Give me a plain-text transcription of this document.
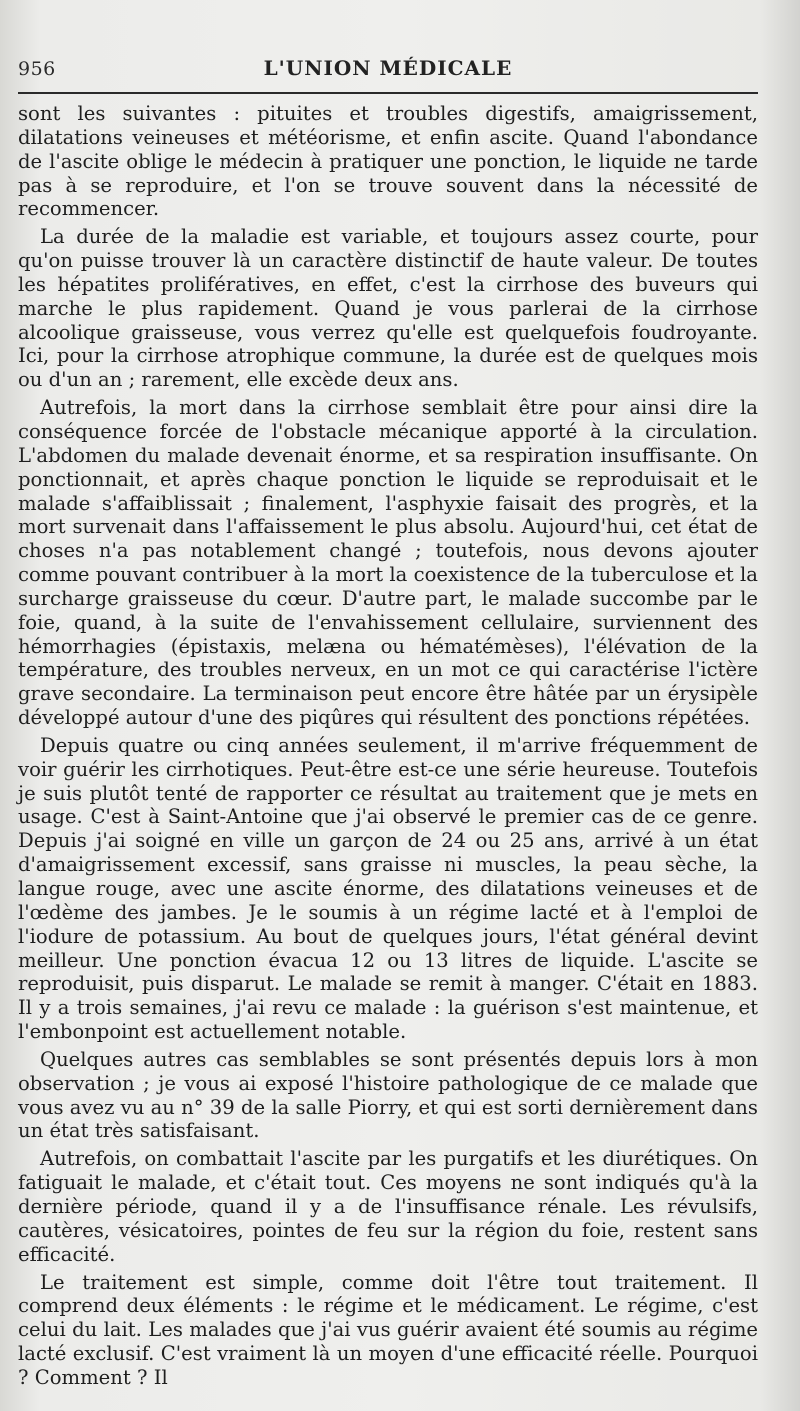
956	L'UNION MÉDICALE

sont les suivantes : pituites et troubles digestifs, amaigrissement, dilatations veineuses et météorisme, et enfin ascite. Quand l'abondance de l'ascite oblige le médecin à pratiquer une ponction, le liquide ne tarde pas à se reproduire, et l'on se trouve souvent dans la nécessité de recommencer.

La durée de la maladie est variable, et toujours assez courte, pour qu'on puisse trouver là un caractère distinctif de haute valeur. De toutes les hépatites prolifératives, en effet, c'est la cirrhose des buveurs qui marche le plus rapidement. Quand je vous parlerai de la cirrhose alcoolique graisseuse, vous verrez qu'elle est quelquefois foudroyante. Ici, pour la cirrhose atrophique commune, la durée est de quelques mois ou d'un an ; rarement, elle excède deux ans.

Autrefois, la mort dans la cirrhose semblait être pour ainsi dire la conséquence forcée de l'obstacle mécanique apporté à la circulation. L'abdomen du malade devenait énorme, et sa respiration insuffisante. On ponctionnait, et après chaque ponction le liquide se reproduisait et le malade s'affaiblissait ; finalement, l'asphyxie faisait des progrès, et la mort survenait dans l'affaissement le plus absolu. Aujourd'hui, cet état de choses n'a pas notablement changé ; toutefois, nous devons ajouter comme pouvant contribuer à la mort la coexistence de la tuberculose et la surcharge graisseuse du cœur. D'autre part, le malade succombe par le foie, quand, à la suite de l'envahissement cellulaire, surviennent des hémorrhagies (épistaxis, melæna ou hématémèses), l'élévation de la température, des troubles nerveux, en un mot ce qui caractérise l'ictère grave secondaire. La terminaison peut encore être hâtée par un érysipèle développé autour d'une des piqûres qui résultent des ponctions répétées.

Depuis quatre ou cinq années seulement, il m'arrive fréquemment de voir guérir les cirrhotiques. Peut-être est-ce une série heureuse. Toutefois je suis plutôt tenté de rapporter ce résultat au traitement que je mets en usage. C'est à Saint-Antoine que j'ai observé le premier cas de ce genre. Depuis j'ai soigné en ville un garçon de 24 ou 25 ans, arrivé à un état d'amaigrissement excessif, sans graisse ni muscles, la peau sèche, la langue rouge, avec une ascite énorme, des dilatations veineuses et de l'œdème des jambes. Je le soumis à un régime lacté et à l'emploi de l'iodure de potassium. Au bout de quelques jours, l'état général devint meilleur. Une ponction évacua 12 ou 13 litres de liquide. L'ascite se reproduisit, puis disparut. Le malade se remit à manger. C'était en 1883. Il y a trois semaines, j'ai revu ce malade : la guérison s'est maintenue, et l'embonpoint est actuellement notable.

Quelques autres cas semblables se sont présentés depuis lors à mon observation ; je vous ai exposé l'histoire pathologique de ce malade que vous avez vu au n° 39 de la salle Piorry, et qui est sorti dernièrement dans un état très satisfaisant.

Autrefois, on combattait l'ascite par les purgatifs et les diurétiques. On fatiguait le malade, et c'était tout. Ces moyens ne sont indiqués qu'à la dernière période, quand il y a de l'insuffisance rénale. Les révulsifs, cautères, vésicatoires, pointes de feu sur la région du foie, restent sans efficacité.

Le traitement est simple, comme doit l'être tout traitement. Il comprend deux éléments : le régime et le médicament. Le régime, c'est celui du lait. Les malades que j'ai vus guérir avaient été soumis au régime lacté exclusif. C'est vraiment là un moyen d'une efficacité réelle. Pourquoi ? Comment ? Il
